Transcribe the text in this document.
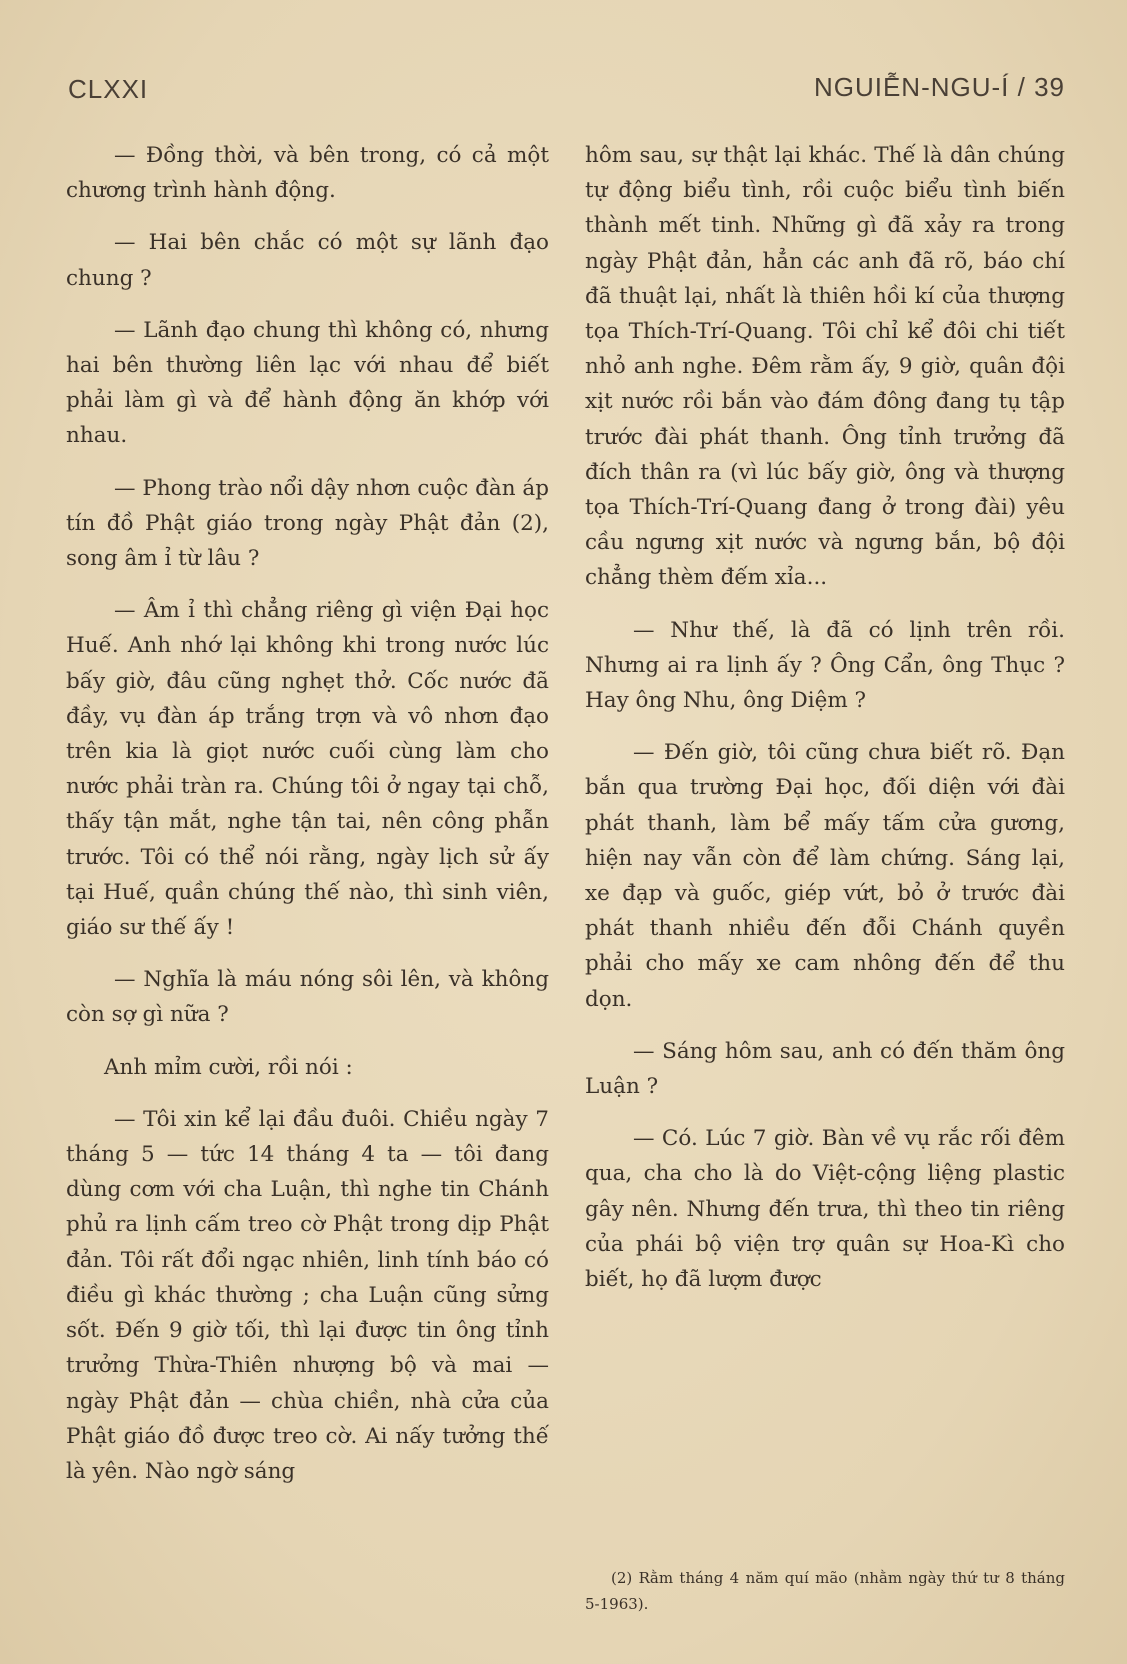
CLXXI	NGUIỄN-NGU-Í / 39

— Đồng thời, và bên trong, có cả một chương trình hành động.

— Hai bên chắc có một sự lãnh đạo chung ?

— Lãnh đạo chung thì không có, nhưng hai bên thường liên lạc với nhau để biết phải làm gì và để hành động ăn khớp với nhau.

— Phong trào nổi dậy nhơn cuộc đàn áp tín đồ Phật giáo trong ngày Phật đản (2), song âm ỉ từ lâu ?

— Âm ỉ thì chẳng riêng gì viện Đại học Huế. Anh nhớ lại không khi trong nước lúc bấy giờ, đâu cũng nghẹt thở. Cốc nước đã đầy, vụ đàn áp trắng trợn và vô nhơn đạo trên kia là giọt nước cuối cùng làm cho nước phải tràn ra. Chúng tôi ở ngay tại chỗ, thấy tận mắt, nghe tận tai, nên công phẫn trước. Tôi có thể nói rằng, ngày lịch sử ấy tại Huế, quần chúng thế nào, thì sinh viên, giáo sư thế ấy !

— Nghĩa là máu nóng sôi lên, và không còn sợ gì nữa ?

Anh mỉm cười, rồi nói :

— Tôi xin kể lại đầu đuôi. Chiều ngày 7 tháng 5 — tức 14 tháng 4 ta — tôi đang dùng cơm với cha Luận, thì nghe tin Chánh phủ ra lịnh cấm treo cờ Phật trong dịp Phật đản. Tôi rất đổi ngạc nhiên, linh tính báo có điều gì khác thường ; cha Luận cũng sửng sốt. Đến 9 giờ tối, thì lại được tin ông tỉnh trưởng Thừa-Thiên nhượng bộ và mai — ngày Phật đản — chùa chiền, nhà cửa của Phật giáo đồ được treo cờ. Ai nấy tưởng thế là yên. Nào ngờ sáng

hôm sau, sự thật lại khác. Thế là dân chúng tự động biểu tình, rồi cuộc biểu tình biến thành mết tinh. Những gì đã xảy ra trong ngày Phật đản, hẳn các anh đã rõ, báo chí đã thuật lại, nhất là thiên hồi kí của thượng tọa Thích-Trí-Quang. Tôi chỉ kể đôi chi tiết nhỏ anh nghe. Đêm rằm ấy, 9 giờ, quân đội xịt nước rồi bắn vào đám đông đang tụ tập trước đài phát thanh. Ông tỉnh trưởng đã đích thân ra (vì lúc bấy giờ, ông và thượng tọa Thích-Trí-Quang đang ở trong đài) yêu cầu ngưng xịt nước và ngưng bắn, bộ đội chẳng thèm đếm xỉa...

— Như thế, là đã có lịnh trên rồi. Nhưng ai ra lịnh ấy ? Ông Cẩn, ông Thục ? Hay ông Nhu, ông Diệm ?

— Đến giờ, tôi cũng chưa biết rõ. Đạn bắn qua trường Đại học, đối diện với đài phát thanh, làm bể mấy tấm cửa gương, hiện nay vẫn còn để làm chứng. Sáng lại, xe đạp và guốc, giép vứt, bỏ ở trước đài phát thanh nhiều đến đỗi Chánh quyền phải cho mấy xe cam nhông đến để thu dọn.

— Sáng hôm sau, anh có đến thăm ông Luận ?

— Có. Lúc 7 giờ. Bàn về vụ rắc rối đêm qua, cha cho là do Việt-cộng liệng plastic gây nên. Nhưng đến trưa, thì theo tin riêng của phái bộ viện trợ quân sự Hoa-Kì cho biết, họ đã lượm được

(2) Rằm tháng 4 năm quí mão (nhằm ngày thứ tư 8 tháng 5-1963).
